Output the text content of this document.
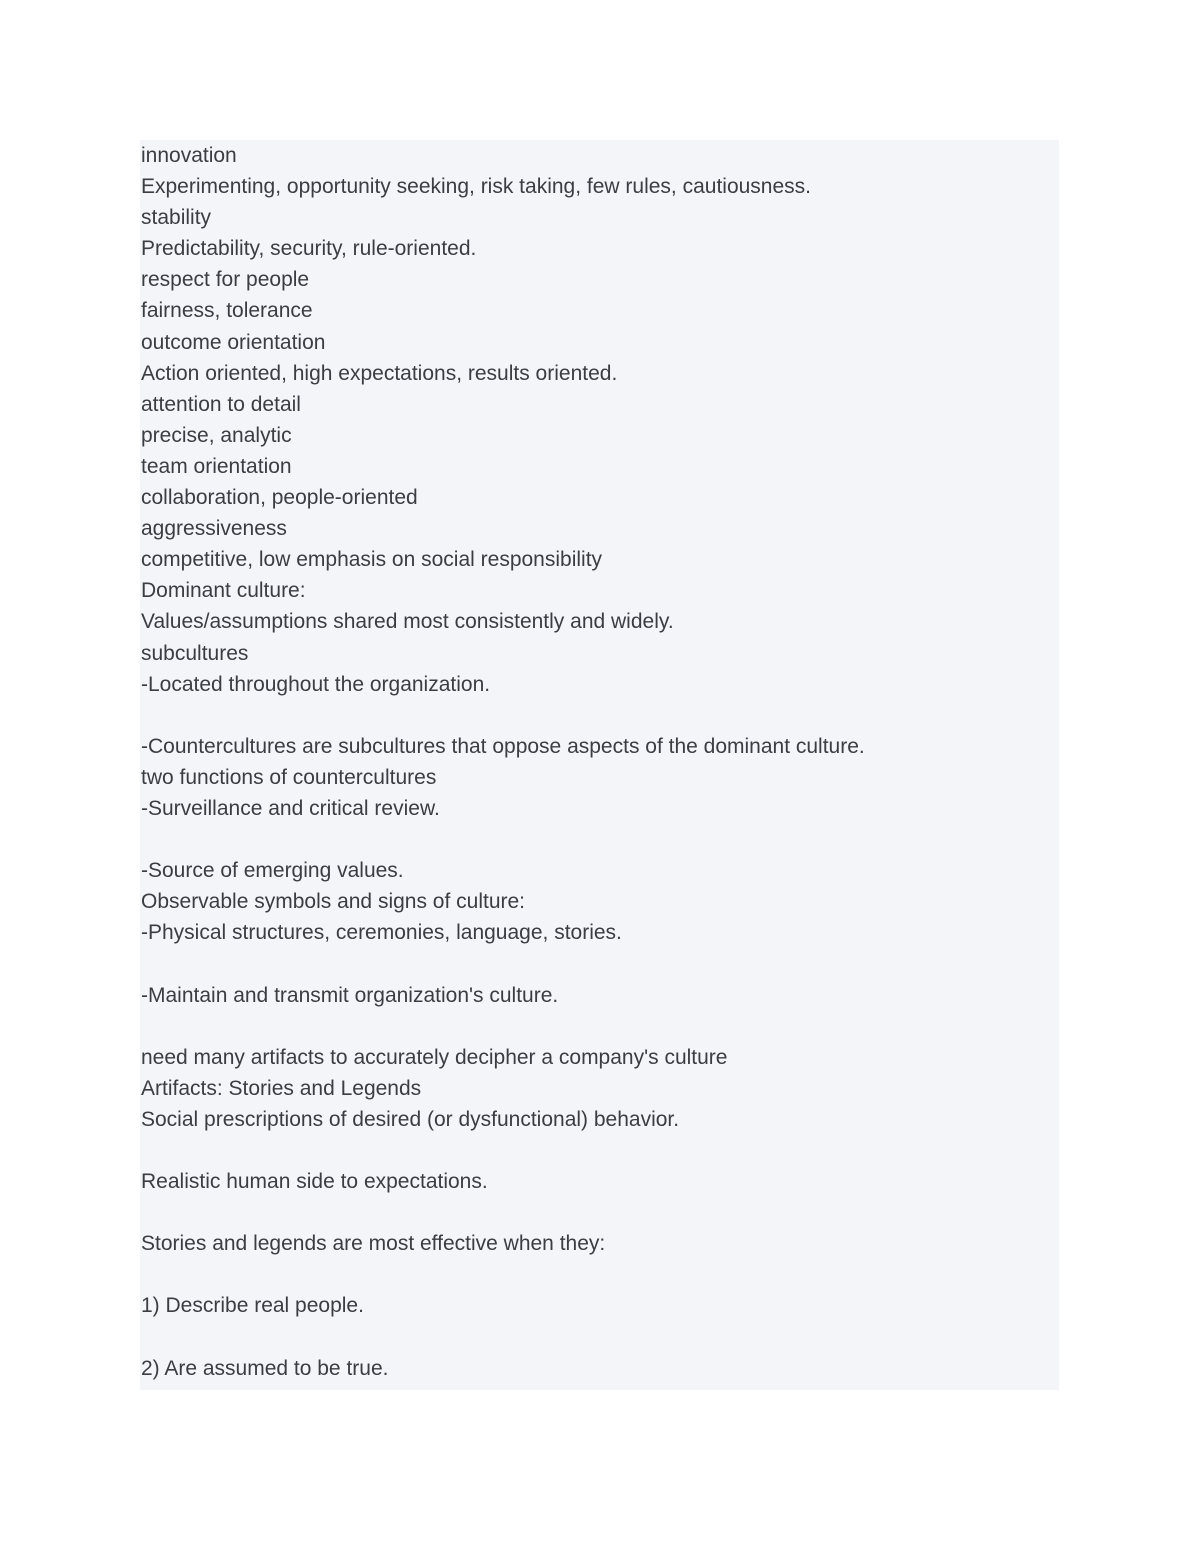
innovation
Experimenting, opportunity seeking, risk taking, few rules, cautiousness.
stability
Predictability, security, rule-oriented.
respect for people
fairness, tolerance
outcome orientation
Action oriented, high expectations, results oriented.
attention to detail
precise, analytic
team orientation
collaboration, people-oriented
aggressiveness
competitive, low emphasis on social responsibility
Dominant culture:
Values/assumptions shared most consistently and widely.
subcultures
-Located throughout the organization.
-Countercultures are subcultures that oppose aspects of the dominant culture.
two functions of countercultures
-Surveillance and critical review.
-Source of emerging values.
Observable symbols and signs of culture:
-Physical structures, ceremonies, language, stories.
-Maintain and transmit organization's culture.
need many artifacts to accurately decipher a company's culture
Artifacts: Stories and Legends
Social prescriptions of desired (or dysfunctional) behavior.
Realistic human side to expectations.
Stories and legends are most effective when they:
1) Describe real people.
2) Are assumed to be true.
